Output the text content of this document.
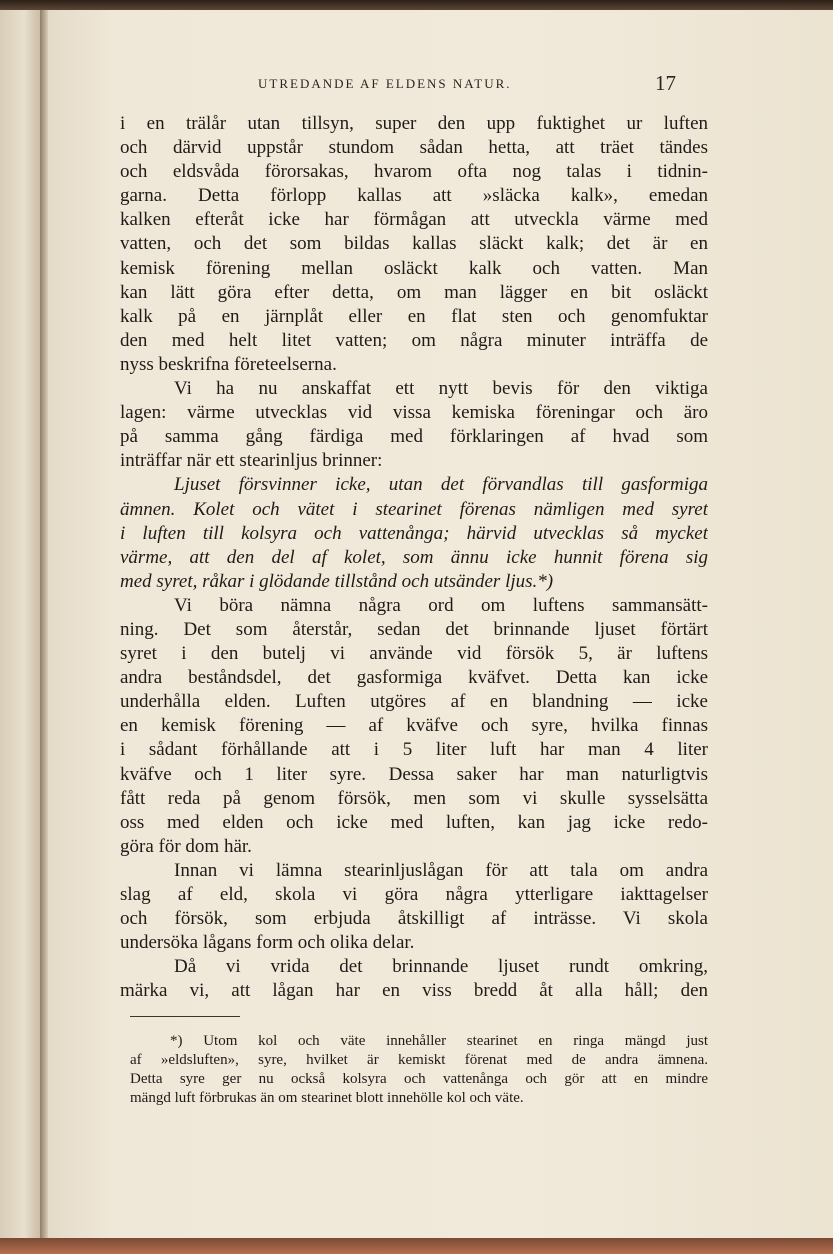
UTREDANDE AF ELDENS NATUR.	17
i en trälår utan tillsyn, super den upp fuktighet ur luften
och därvid uppstår stundom sådan hetta, att träet tändes
och eldsvåda förorsakas, hvarom ofta nog talas i tidnin-
garna. Detta förlopp kallas att »släcka kalk», emedan
kalken efteråt icke har förmågan att utveckla värme med
vatten, och det som bildas kallas släckt kalk; det är en
kemisk förening mellan osläckt kalk och vatten. Man
kan lätt göra efter detta, om man lägger en bit osläckt
kalk på en järnplåt eller en flat sten och genomfuktar
den med helt litet vatten; om några minuter inträffa de
nyss beskrifna företeelserna.
Vi ha nu anskaffat ett nytt bevis för den viktiga
lagen: värme utvecklas vid vissa kemiska föreningar och äro
på samma gång färdiga med förklaringen af hvad som
inträffar när ett stearinljus brinner:
Ljuset försvinner icke, utan det förvandlas till gasformiga
ämnen. Kolet och vätet i stearinet förenas nämligen med syret
i luften till kolsyra och vattenånga; härvid utvecklas så mycket
värme, att den del af kolet, som ännu icke hunnit förena sig
med syret, råkar i glödande tillstånd och utsänder ljus.*)
Vi böra nämna några ord om luftens sammansätt-
ning. Det som återstår, sedan det brinnande ljuset förtärt
syret i den butelj vi använde vid försök 5, är luftens
andra beståndsdel, det gasformiga kväfvet. Detta kan icke
underhålla elden. Luften utgöres af en blandning — icke
en kemisk förening — af kväfve och syre, hvilka finnas
i sådant förhållande att i 5 liter luft har man 4 liter
kväfve och 1 liter syre. Dessa saker har man naturligtvis
fått reda på genom försök, men som vi skulle sysselsätta
oss med elden och icke med luften, kan jag icke redo-
göra för dom här.
Innan vi lämna stearinljuslågan för att tala om andra
slag af eld, skola vi göra några ytterligare iakttagelser
och försök, som erbjuda åtskilligt af inträsse. Vi skola
undersöka lågans form och olika delar.
Då vi vrida det brinnande ljuset rundt omkring,
märka vi, att lågan har en viss bredd åt alla håll; den
*) Utom kol och väte innehåller stearinet en ringa mängd just
af »eldsluften», syre, hvilket är kemiskt förenat med de andra ämnena.
Detta syre ger nu också kolsyra och vattenånga och gör att en mindre
mängd luft förbrukas än om stearinet blott innehölle kol och väte.
